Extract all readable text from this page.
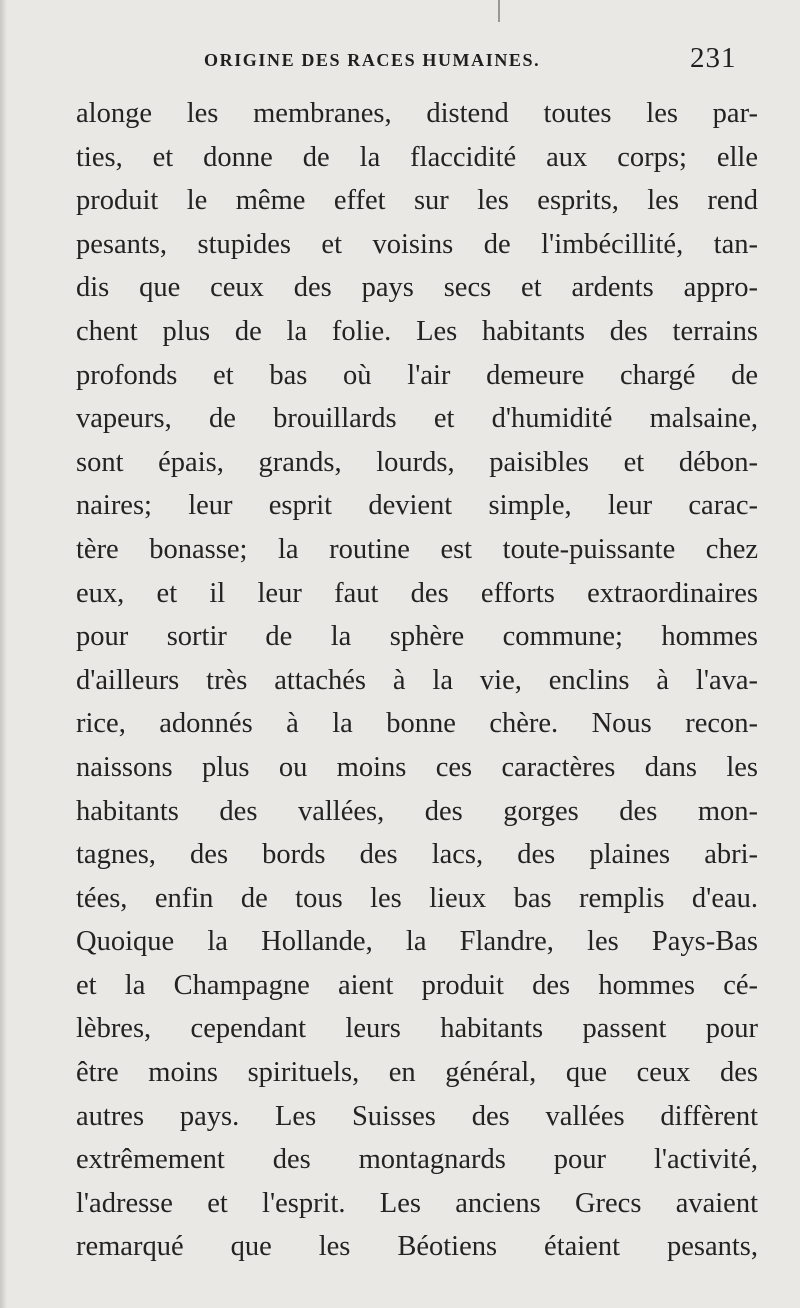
ORIGINE DES RACES HUMAINES.	231
alonge les membranes, distend toutes les par-
ties, et donne de la flaccidité aux corps; elle
produit le même effet sur les esprits, les rend
pesants, stupides et voisins de l'imbécillité, tan-
dis que ceux des pays secs et ardents appro-
chent plus de la folie. Les habitants des terrains
profonds et bas où l'air demeure chargé de
vapeurs, de brouillards et d'humidité malsaine,
sont épais, grands, lourds, paisibles et débon-
naires; leur esprit devient simple, leur carac-
tère bonasse; la routine est toute-puissante chez
eux, et il leur faut des efforts extraordinaires
pour sortir de la sphère commune; hommes
d'ailleurs très attachés à la vie, enclins à l'ava-
rice, adonnés à la bonne chère. Nous recon-
naissons plus ou moins ces caractères dans les
habitants des vallées, des gorges des mon-
tagnes, des bords des lacs, des plaines abri-
tées, enfin de tous les lieux bas remplis d'eau.
Quoique la Hollande, la Flandre, les Pays-Bas
et la Champagne aient produit des hommes cé-
lèbres, cependant leurs habitants passent pour
être moins spirituels, en général, que ceux des
autres pays. Les Suisses des vallées diffèrent
extrêmement des montagnards pour l'activité,
l'adresse et l'esprit. Les anciens Grecs avaient
remarqué que les Béotiens étaient pesants,
